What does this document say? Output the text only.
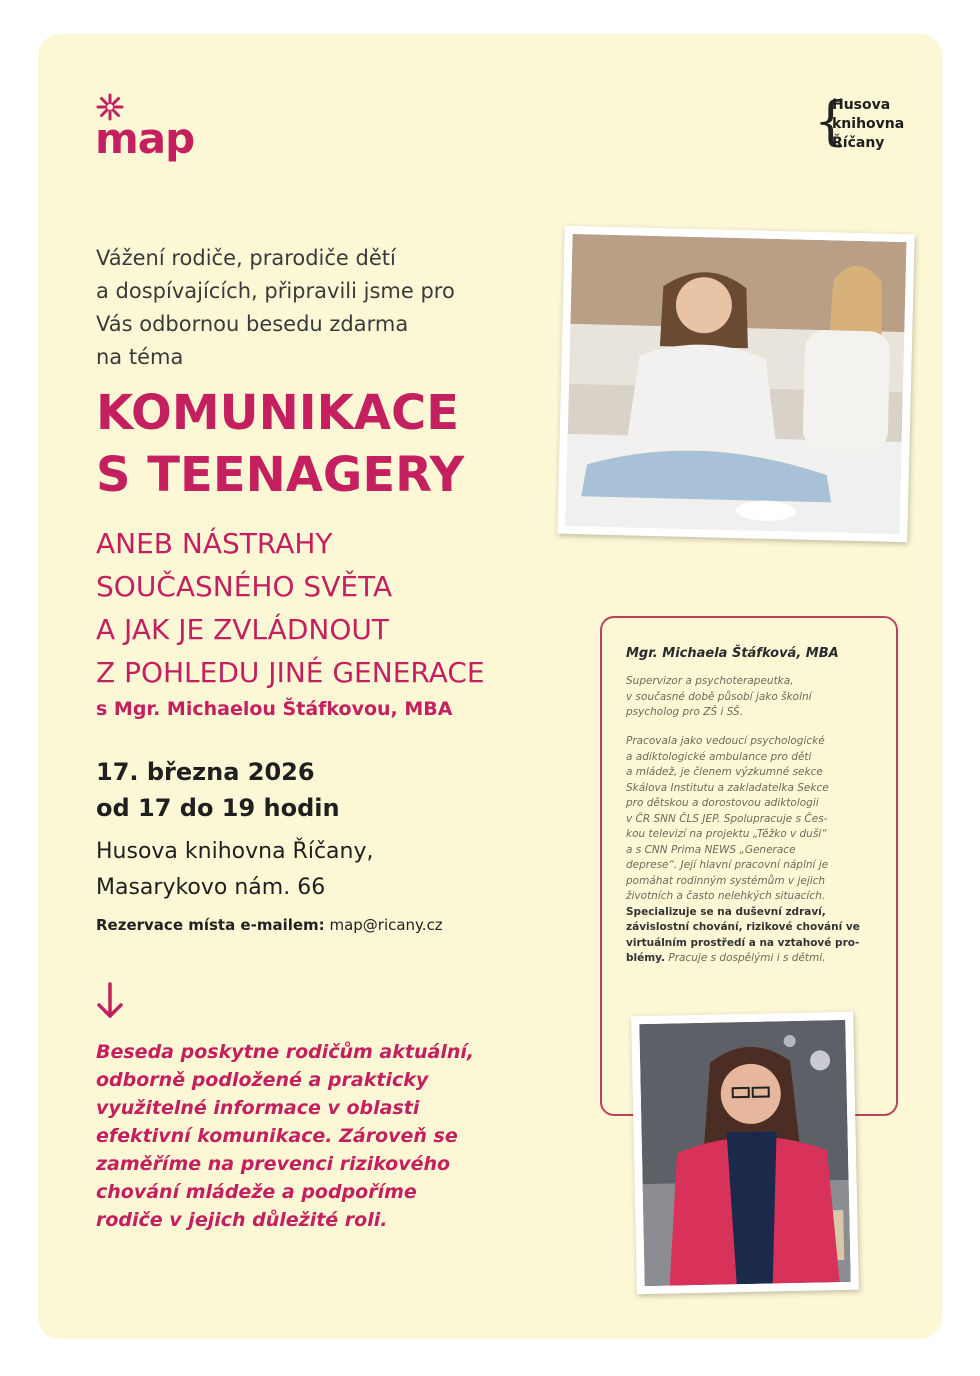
map	{
Husova
knihovna
Říčany
Vážení rodiče, prarodiče dětí
a dospívajících, připravili jsme pro
Vás odbornou besedu zdarma
na téma
KOMUNIKACE
S TEENAGERY
ANEB NÁSTRAHY
SOUČASNÉHO SVĚTA
A JAK JE ZVLÁDNOUT
Z POHLEDU JINÉ GENERACE
s Mgr. Michaelou Štáfkovou, MBA
17. března 2026
od 17 do 19 hodin
Husova knihovna Říčany,
Masarykovo nám. 66
Rezervace místa e-mailem: map@ricany.cz
Beseda poskytne rodičům aktuální,
odborně podložené a prakticky
využitelné informace v oblasti
efektivní komunikace. Zároveň se
zaměříme na prevenci rizikového
chování mládeže a podpoříme
rodiče v jejich důležité roli.
Mgr. Michaela Štáfková, MBA
Supervizor a psychoterapeutka,
v současné době působí jako školní
psycholog pro ZŠ i SŠ.
Pracovala jako vedoucí psychologické
a adiktologické ambulance pro děti
a mládež, je členem výzkumné sekce
Skálova Institutu a zakladatelka Sekce
pro dětskou a dorostovou adiktologii
v ČR SNN ČLS JEP. Spolupracuje s Čes-
kou televizí na projektu „Těžko v duši“
a s CNN Prima NEWS „Generace
deprese“. Její hlavní pracovní náplní je
pomáhat rodinným systémům v jejich
životních a často nelehkých situacích.
Specializuje se na duševní zdraví,
závislostní chování, rizikové chování ve
virtuálním prostředí a na vztahové pro-
blémy. Pracuje s dospělými i s dětmi.
